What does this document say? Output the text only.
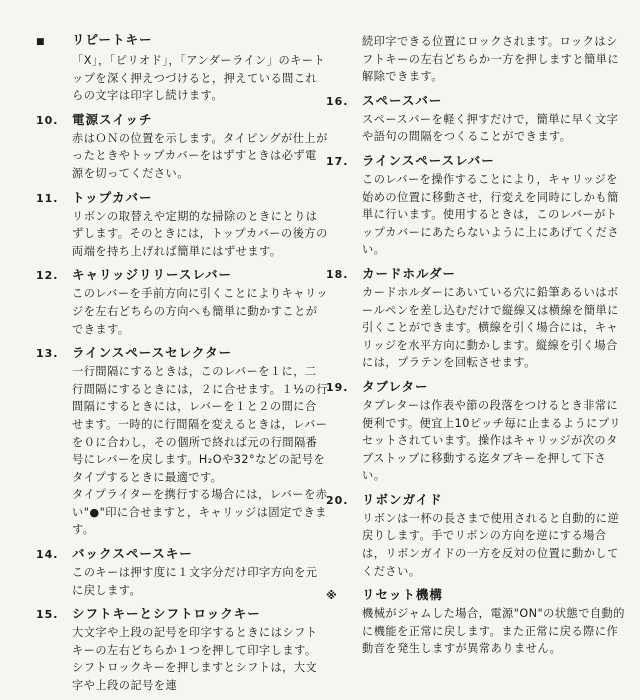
■	リピートキー

「X」，「ピリオド」，「アンダーライン」のキートップを深く押えつづけると，押えている間これらの文字は印字し続けます。

10.	電源スイッチ

赤はＯＮの位置を示します。タイピングが仕上がったときやトップカバーをはずすときは必ず電源を切ってください。

11.	トップカバー

リボンの取替えや定期的な掃除のときにとりはずします。そのときには，トップカバーの後方の両端を持ち上げれば簡単にはずせます。

12.	キャリッジリリースレバー

このレバーを手前方向に引くことによりキャリッジを左右どちらの方向へも簡単に動かすことができます。

13.	ラインスペースセレクター

一行間隔にするときは，このレバーを１に，二行間隔にするときには，２に合せます。１½の行間隔にするときには，レバーを１と２の間に合せます。一時的に行間隔を変えるときは，レバーを０に合わし，その個所で終れば元の行間隔番号にレバーを戻します。H₂Oや32°などの記号をタイプするときに最適です。

タイプライターを携行する場合には，レバーを赤い"●"印に合せますと，キャリッジは固定できます。

14.	バックスペースキー

このキーは押す度に１文字分だけ印字方向を元に戻します。

15.	シフトキーとシフトロックキー

大文字や上段の記号を印字するときにはシフトキーの左右どちらか１つを押して印字します。シフトロックキーを押しますとシフトは，大文字や上段の記号を連

続印字できる位置にロックされます。ロックはシフトキーの左右どちらか一方を押しますと簡単に解除できます。

16.	スペースバー

スペースバーを軽く押すだけで，簡単に早く文字や語句の間隔をつくることができます。

17.	ラインスペースレバー

このレバーを操作することにより，キャリッジを始めの位置に移動させ，行変えを同時にしかも簡単に行います。使用するときは，このレバーがトップカバーにあたらないように上にあげてください。

18.	カードホルダー

カードホルダーにあいている穴に鉛筆あるいはボールペンを差し込むだけで縦線又は横線を簡単に引くことができます。横線を引く場合には，キャリッジを水平方向に動かします。縦線を引く場合には，プラテンを回転させます。

19.	タブレター

タブレターは作表や節の段落をつけるとき非常に便利です。便宜上10ピッチ毎に止まるようにプリセットされています。操作はキャリッジが次のタブストップに移動する迄タブキーを押して下さい。

20.	リボンガイド

リボンは一杯の長さまで使用されると自動的に逆戻りします。手でリボンの方向を逆にする場合は，リボンガイドの一方を反対の位置に動かしてください。

※	リセット機構

機械がジャムした場合，電源"ON"の状態で自動的に機能を正常に戻します。また正常に戻る際に作動音を発生しますが異常ありません。
